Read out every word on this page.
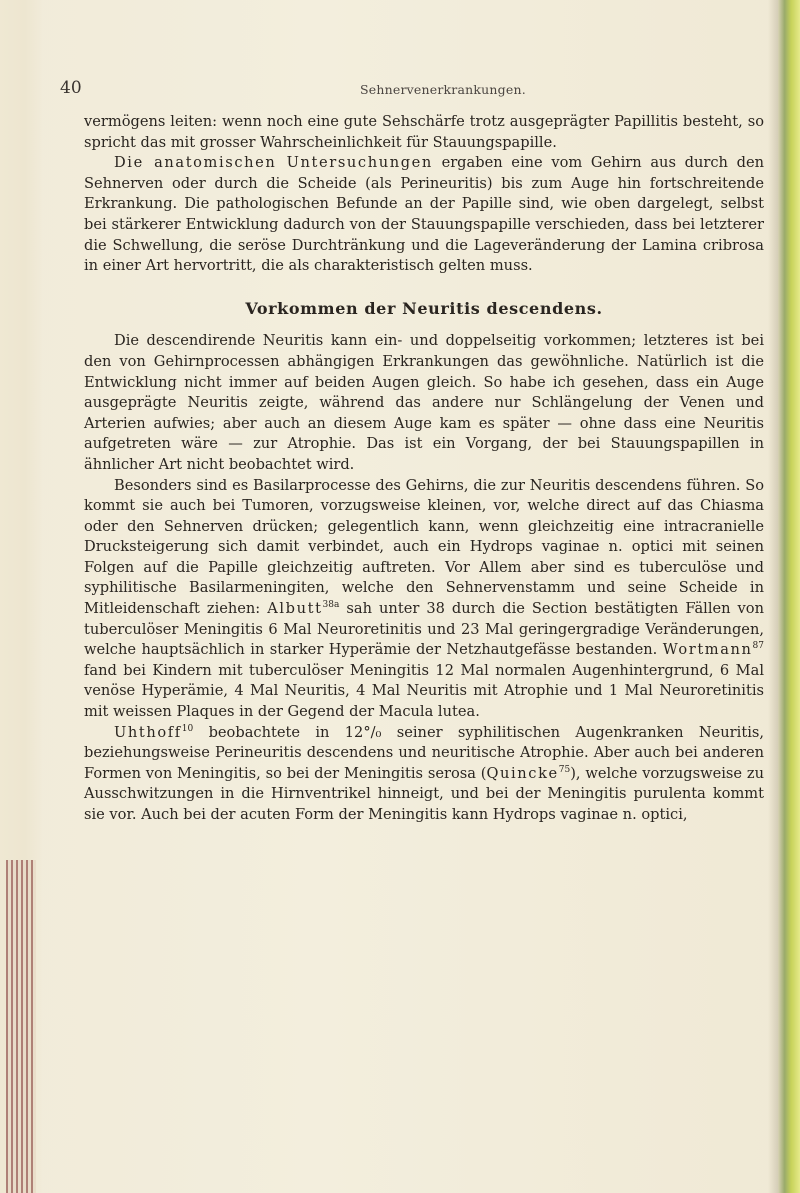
40	Sehnervenerkrankungen.

vermögens leiten: wenn noch eine gute Sehschärfe trotz ausgeprägter Papillitis besteht, so spricht das mit grosser Wahrscheinlichkeit für Stauungspapille.

Die anatomischen Untersuchungen ergaben eine vom Gehirn aus durch den Sehnerven oder durch die Scheide (als Perineuritis) bis zum Auge hin fortschreitende Erkrankung. Die pathologischen Befunde an der Papille sind, wie oben dargelegt, selbst bei stärkerer Entwicklung dadurch von der Stauungspapille verschieden, dass bei letzterer die Schwellung, die seröse Durchtränkung und die Lageveränderung der Lamina cribrosa in einer Art hervortritt, die als charakteristisch gelten muss.

Vorkommen der Neuritis descendens.

Die descendirende Neuritis kann ein- und doppelseitig vorkommen; letzteres ist bei den von Gehirnprocessen abhängigen Erkrankungen das gewöhnliche. Natürlich ist die Entwicklung nicht immer auf beiden Augen gleich. So habe ich gesehen, dass ein Auge ausgeprägte Neuritis zeigte, während das andere nur Schlängelung der Venen und Arterien aufwies; aber auch an diesem Auge kam es später — ohne dass eine Neuritis aufgetreten wäre — zur Atrophie. Das ist ein Vorgang, der bei Stauungspapillen in ähnlicher Art nicht beobachtet wird.

Besonders sind es Basilarprocesse des Gehirns, die zur Neuritis descendens führen. So kommt sie auch bei Tumoren, vorzugsweise kleinen, vor, welche direct auf das Chiasma oder den Sehnerven drücken; gelegentlich kann, wenn gleichzeitig eine intracranielle Drucksteigerung sich damit verbindet, auch ein Hydrops vaginae n. optici mit seinen Folgen auf die Papille gleichzeitig auftreten. Vor Allem aber sind es tuberculöse und syphilitische Basilarmeningiten, welche den Sehnervenstamm und seine Scheide in Mitleidenschaft ziehen: Albutt$^{38a}$ sah unter 38 durch die Section bestätigten Fällen von tuberculöser Meningitis 6 Mal Neuroretinitis und 23 Mal geringergradige Veränderungen, welche hauptsächlich in starker Hyperämie der Netzhautgefässe bestanden. Wortmann$^{87}$ fand bei Kindern mit tuberculöser Meningitis 12 Mal normalen Augenhintergrund, 6 Mal venöse Hyperämie, 4 Mal Neuritis, 4 Mal Neuritis mit Atrophie und 1 Mal Neuroretinitis mit weissen Plaques in der Gegend der Macula lutea.

Uhthoff$^{10}$ beobachtete in 12°/₀ seiner syphilitischen Augenkranken Neuritis, beziehungsweise Perineuritis descendens und neuritische Atrophie. Aber auch bei anderen Formen von Meningitis, so bei der Meningitis serosa (Quincke$^{75}$), welche vorzugsweise zu Ausschwitzungen in die Hirnventrikel hinneigt, und bei der Meningitis purulenta kommt sie vor. Auch bei der acuten Form der Meningitis kann Hydrops vaginae n. optici,
